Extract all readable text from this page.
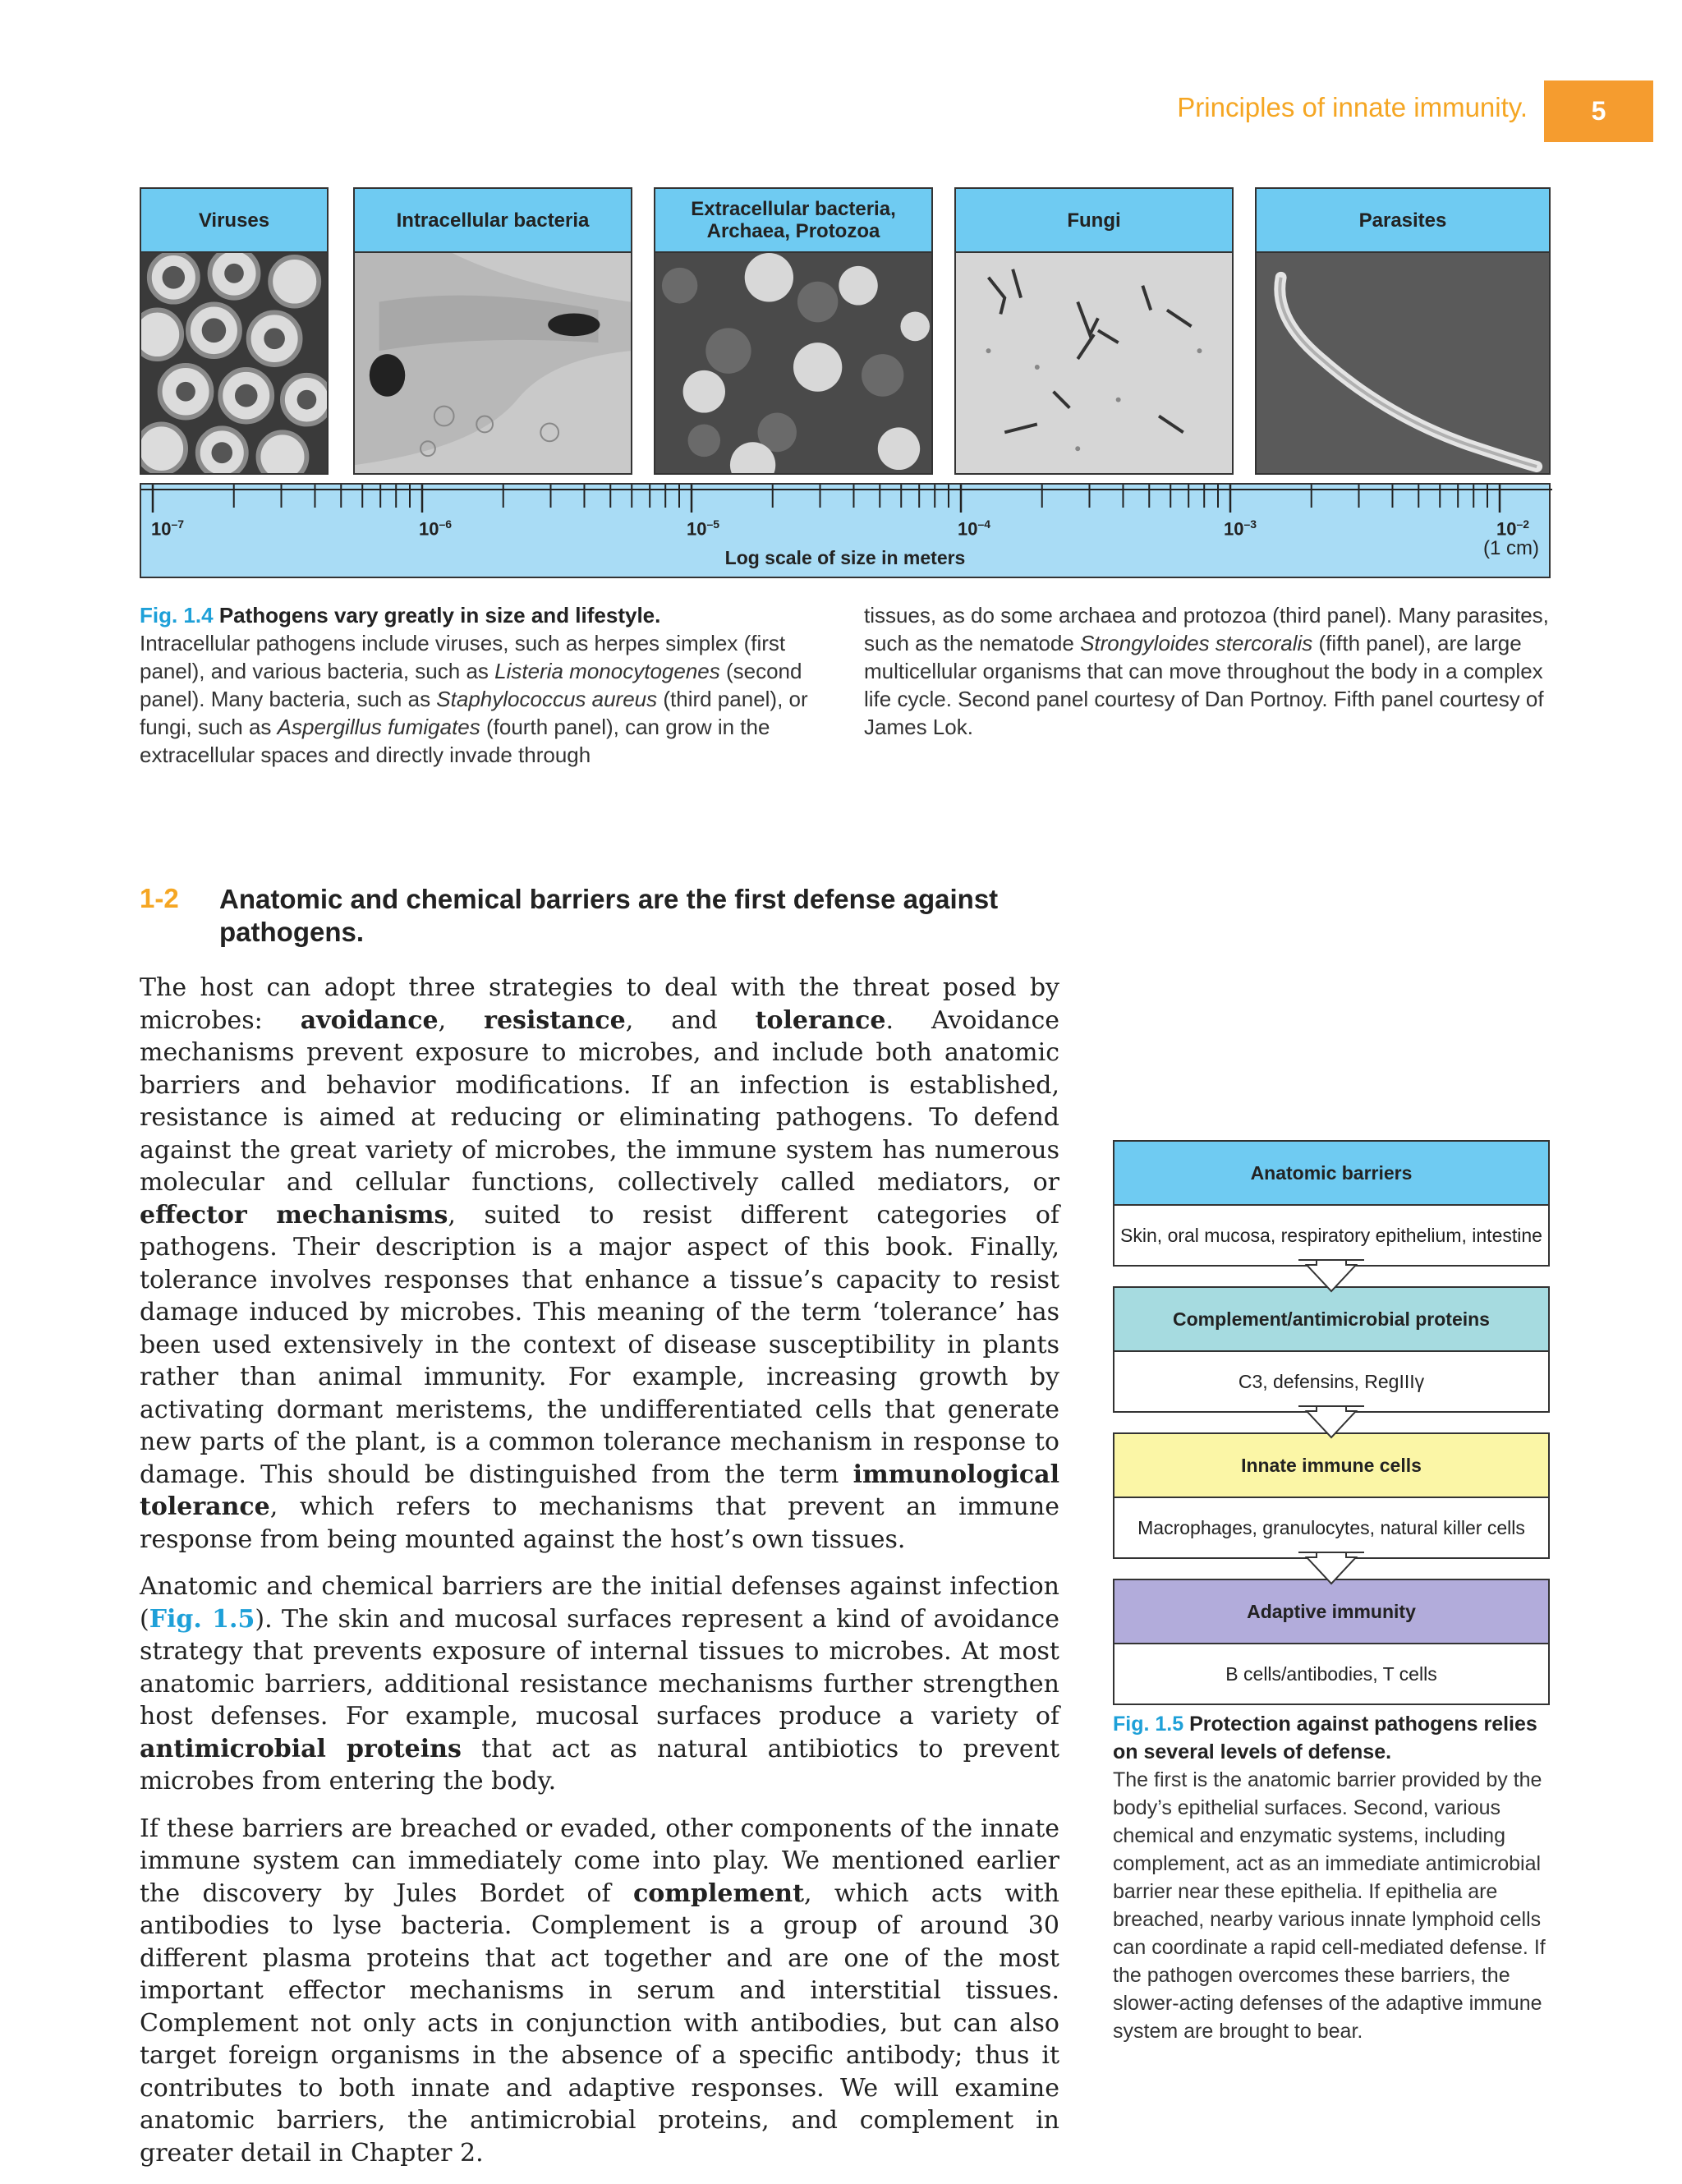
Principles of innate immunity.	5
Viruses	Intracellular bacteria	Extracellular bacteria, Archaea, Protozoa	Fungi	Parasites
$10^{-7}$	$10^{-6}$	$10^{-5}$	$10^{-4}$	$10^{-3}$	$10^{-2}$
Log scale of size in meters	(1 cm)
Fig. 1.4 Pathogens vary greatly in size and lifestyle.
Intracellular pathogens include viruses, such as herpes simplex (first panel), and various bacteria, such as Listeria monocytogenes (second panel). Many bacteria, such as Staphylococcus aureus (third panel), or fungi, such as Aspergillus fumigates (fourth panel), can grow in the extracellular spaces and directly invade through
tissues, as do some archaea and protozoa (third panel). Many parasites, such as the nematode Strongyloides stercoralis (fifth panel), are large multicellular organisms that can move throughout the body in a complex life cycle. Second panel courtesy of Dan Portnoy. Fifth panel courtesy of James Lok.
1-2 Anatomic and chemical barriers are the first defense against pathogens.

The host can adopt three strategies to deal with the threat posed by microbes: avoidance, resistance, and tolerance. Avoidance mechanisms prevent exposure to microbes, and include both anatomic barriers and behavior modifications. If an infection is established, resistance is aimed at reducing or eliminating pathogens. To defend against the great variety of microbes, the immune system has numerous molecular and cellular functions, collectively called mediators, or effector mechanisms, suited to resist different categories of pathogens. Their description is a major aspect of this book. Finally, tolerance involves responses that enhance a tissue’s capacity to resist damage induced by microbes. This meaning of the term ‘tolerance’ has been used extensively in the context of disease susceptibility in plants rather than animal immunity. For example, increasing growth by activating dormant meristems, the undifferentiated cells that generate new parts of the plant, is a common tolerance mechanism in response to damage. This should be distinguished from the term immunological tolerance, which refers to mechanisms that prevent an immune response from being mounted against the host’s own tissues.

Anatomic and chemical barriers are the initial defenses against infection (Fig. 1.5). The skin and mucosal surfaces represent a kind of avoidance strategy that prevents exposure of internal tissues to microbes. At most anatomic barriers, additional resistance mechanisms further strengthen host defenses. For example, mucosal surfaces produce a variety of antimicrobial proteins that act as natural antibiotics to prevent microbes from entering the body.

If these barriers are breached or evaded, other components of the innate immune system can immediately come into play. We mentioned earlier the discovery by Jules Bordet of complement, which acts with antibodies to lyse bacteria. Complement is a group of around 30 different plasma proteins that act together and are one of the most important effector mechanisms in serum and interstitial tissues. Complement not only acts in conjunction with antibodies, but can also target foreign organisms in the absence of a specific antibody; thus it contributes to both innate and adaptive responses. We will examine anatomic barriers, the antimicrobial proteins, and complement in greater detail in Chapter 2.

Anatomic barriers
Skin, oral mucosa, respiratory epithelium, intestine
Complement/antimicrobial proteins
C3, defensins, RegIIIγ
Innate immune cells
Macrophages, granulocytes, natural killer cells
Adaptive immunity
B cells/antibodies, T cells
Fig. 1.5 Protection against pathogens relies on several levels of defense.
The first is the anatomic barrier provided by the body’s epithelial surfaces. Second, various chemical and enzymatic systems, including complement, act as an immediate antimicrobial barrier near these epithelia. If epithelia are breached, nearby various innate lymphoid cells can coordinate a rapid cell-mediated defense. If the pathogen overcomes these barriers, the slower-acting defenses of the adaptive immune system are brought to bear.
